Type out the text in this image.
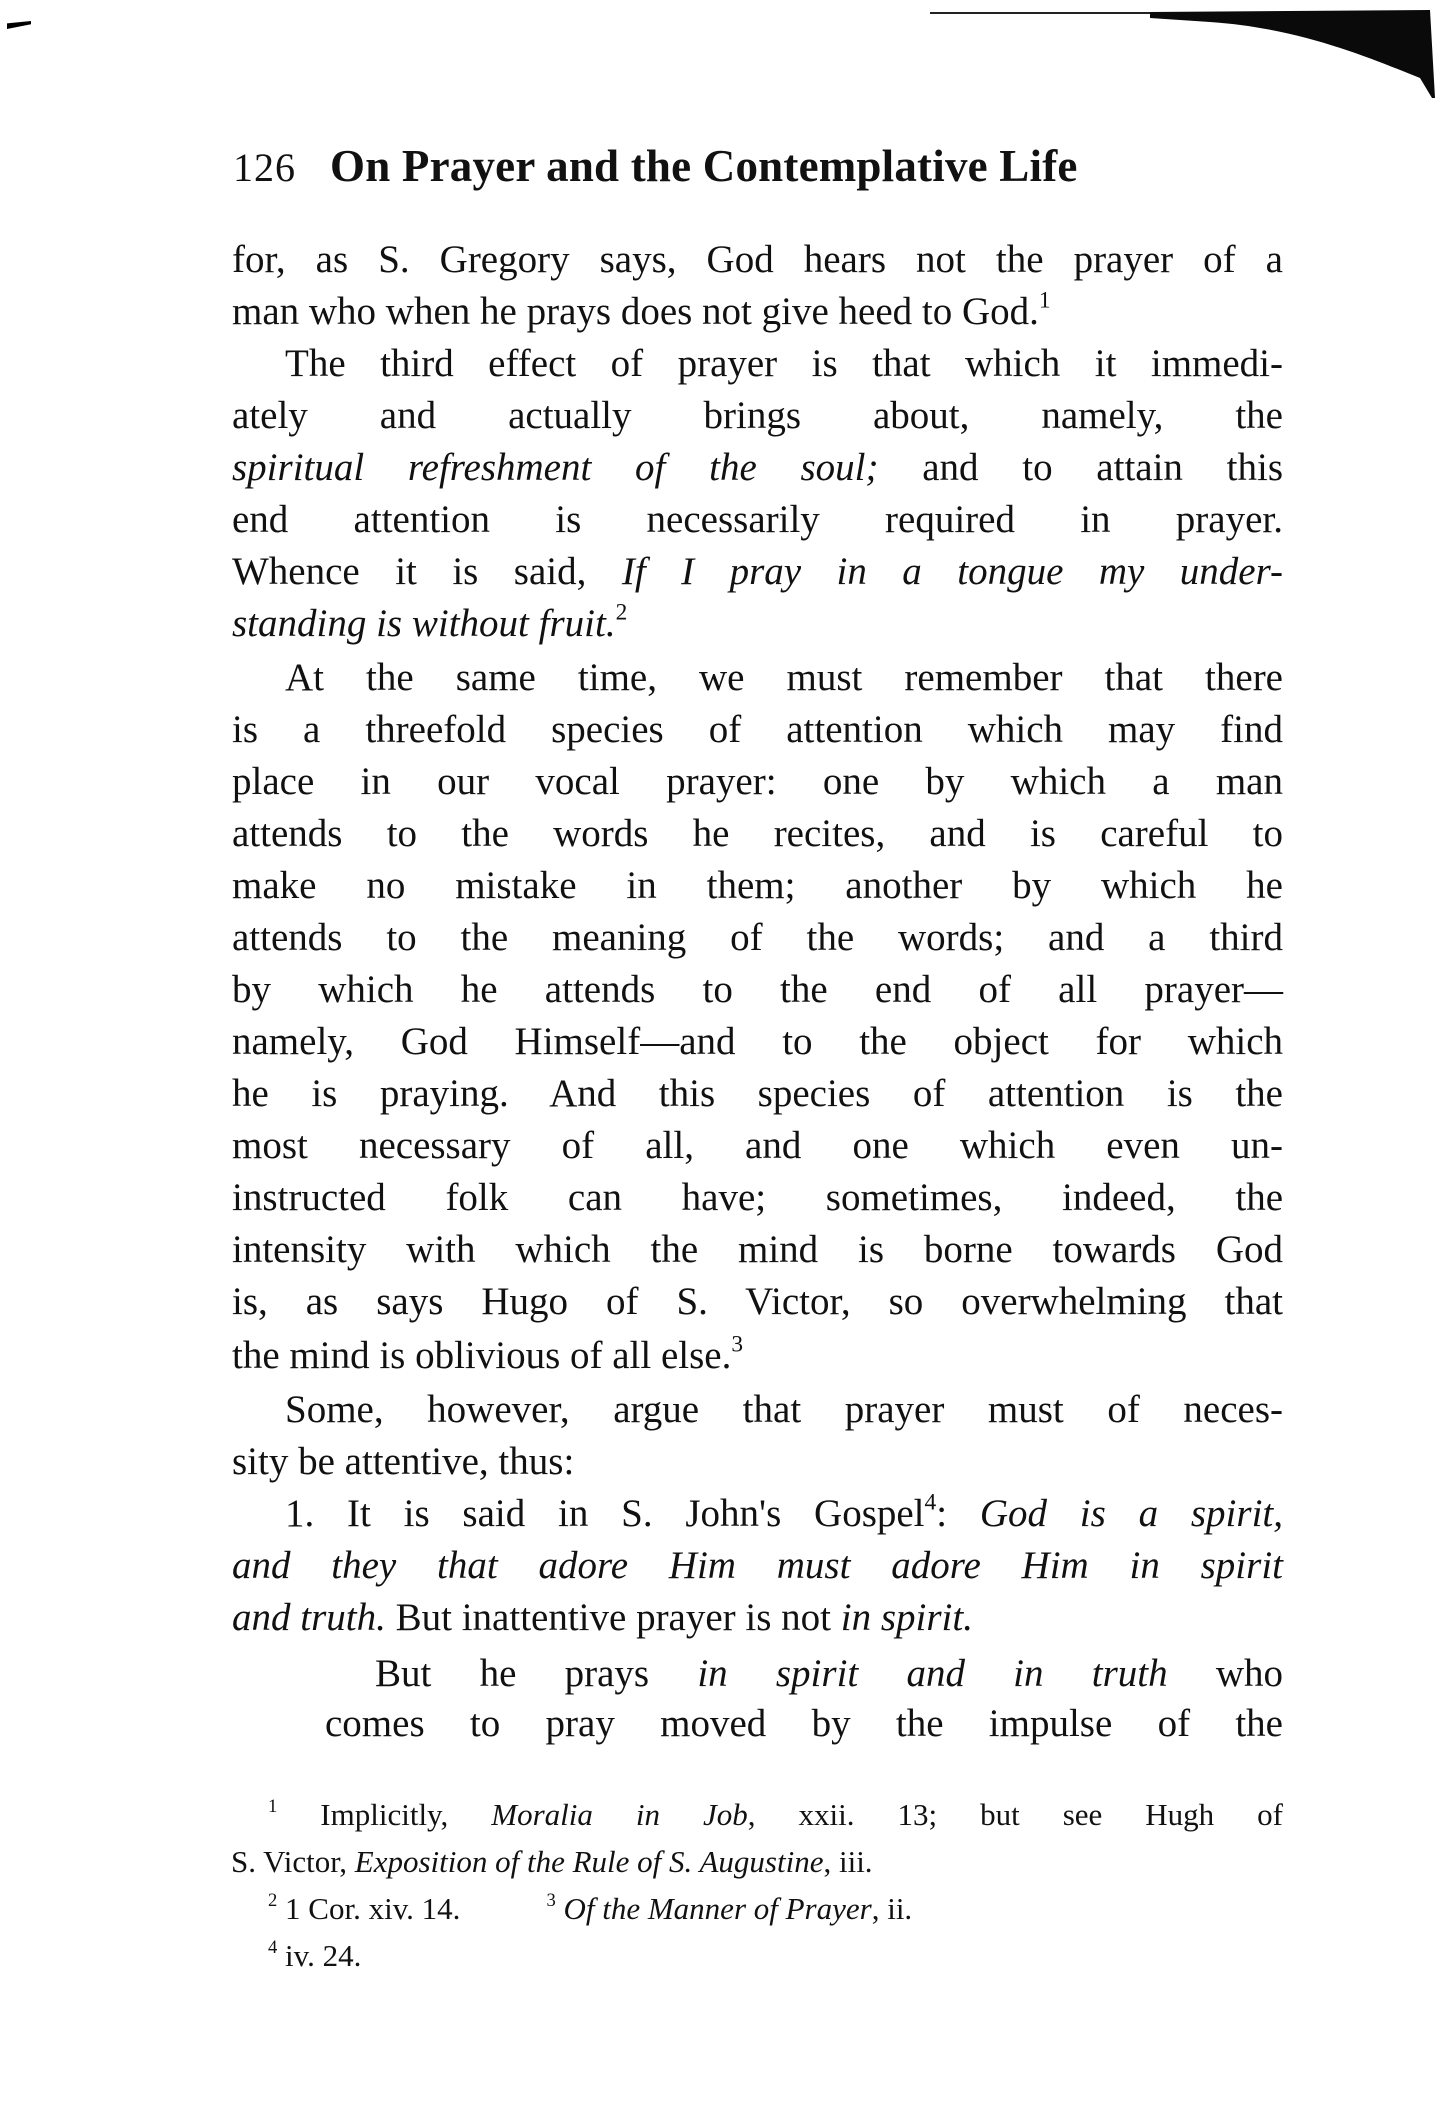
126 On Prayer and the Contemplative Life
for, as S. Gregory says, God hears not the prayer of a
man who when he prays does not give heed to God.$^1$
The third effect of prayer is that which it immedi-
ately and actually brings about, namely, the
spiritual refreshment of the soul; and to attain this
end attention is necessarily required in prayer.
Whence it is said, If I pray in a tongue my under-
standing is without fruit.$^2$
At the same time, we must remember that there
is a threefold species of attention which may find
place in our vocal prayer: one by which a man
attends to the words he recites, and is careful to
make no mistake in them; another by which he
attends to the meaning of the words; and a third
by which he attends to the end of all prayer—
namely, God Himself—and to the object for which
he is praying. And this species of attention is the
most necessary of all, and one which even un-
instructed folk can have; sometimes, indeed, the
intensity with which the mind is borne towards God
is, as says Hugo of S. Victor, so overwhelming that
the mind is oblivious of all else.$^3$
Some, however, argue that prayer must of neces-
sity be attentive, thus:
1. It is said in S. John's Gospel$^4$: God is a spirit,
and they that adore Him must adore Him in spirit
and truth. But inattentive prayer is not in spirit.
But he prays in spirit and in truth who
comes to pray moved by the impulse of the
$^1$ Implicitly, Moralia in Job, xxii. 13; but see Hugh of
S. Victor, Exposition of the Rule of S. Augustine, iii.
$^2$ 1 Cor. xiv. 14.	$^3$ Of the Manner of Prayer, ii.
$^4$ iv. 24.
